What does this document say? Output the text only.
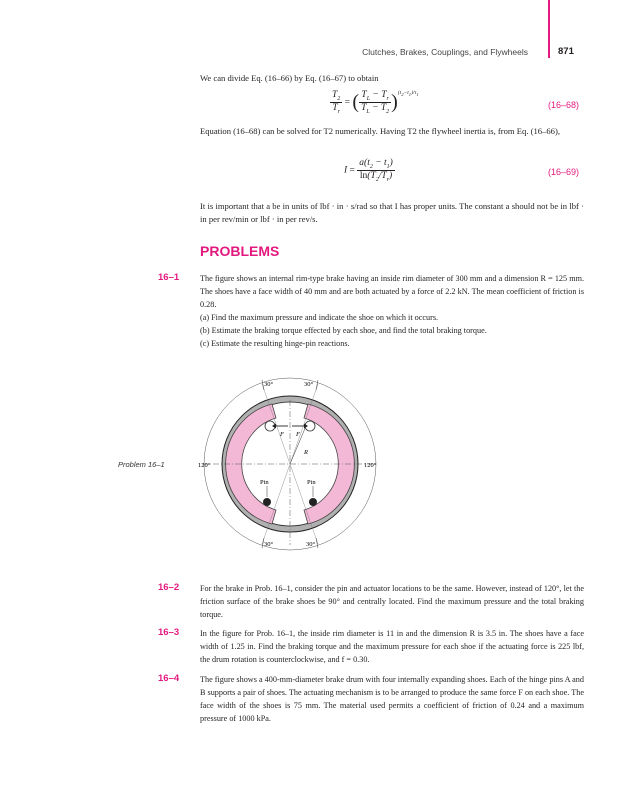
Clutches, Brakes, Couplings, and Flywheels	871
We can divide Eq. (16–66) by Eq. (16–67) to obtain
$\frac{T_2}{T_r}$ = ( $\frac{T_L - T_r}{T_L - T_2} )^{(t_2-t_1)/\tau_1}$
(16–68)
Equation (16–68) can be solved for T2 numerically. Having T2 the flywheel inertia is, from Eq. (16–66),
$I = \frac{a(t_2 - t_1)}{\ln(T_2/T_r)}$	(16–69)
It is important that a be in units of lbf · in · s/rad so that I has proper units. The constant a should not be in lbf · in per rev/min or lbf · in per rev/s.
PROBLEMS
16–1	The figure shows an internal rim-type brake having an inside rim diameter of 300 mm and a dimension R = 125 mm. The shoes have a face width of 40 mm and are both actuated by a force of 2.2 kN. The mean coefficient of friction is 0.28.
(a) Find the maximum pressure and indicate the shoe on which it occurs.
(b) Estimate the braking torque effected by each shoe, and find the total braking torque.
(c) Estimate the resulting hinge-pin reactions.
Problem 16–1
30°	30°
120°	120°
30°	30°
F F
R
Pin	Pin
16–2	For the brake in Prob. 16–1, consider the pin and actuator locations to be the same. However, instead of 120°, let the friction surface of the brake shoes be 90° and centrally located. Find the maximum pressure and the total braking torque.
16–3	In the figure for Prob. 16–1, the inside rim diameter is 11 in and the dimension R is 3.5 in. The shoes have a face width of 1.25 in. Find the braking torque and the maximum pressure for each shoe if the actuating force is 225 lbf, the drum rotation is counterclockwise, and f = 0.30.
16–4	The figure shows a 400-mm-diameter brake drum with four internally expanding shoes. Each of the hinge pins A and B supports a pair of shoes. The actuating mechanism is to be arranged to produce the same force F on each shoe. The face width of the shoes is 75 mm. The material used permits a coefficient of friction of 0.24 and a maximum pressure of 1000 kPa.
